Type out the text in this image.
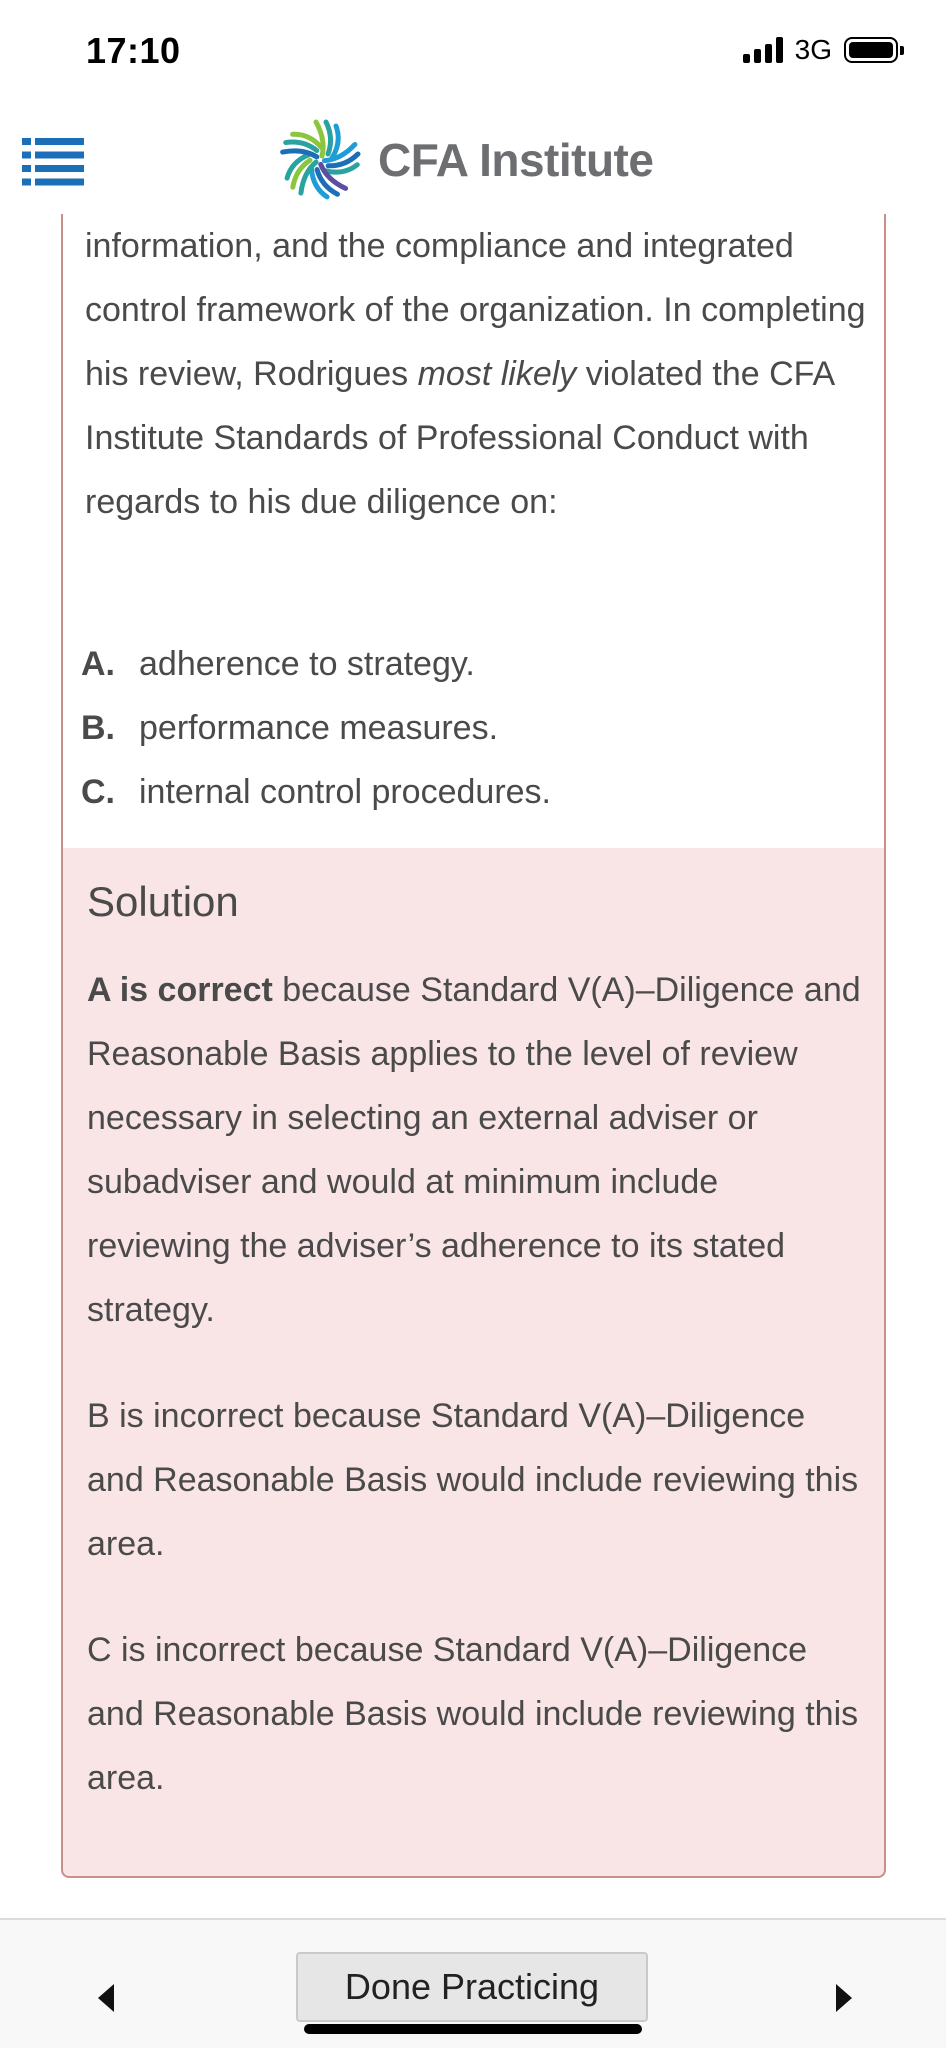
17:10	3G
CFA Institute
information, and the compliance and integrated control framework of the organization. In completing his review, Rodrigues most likely violated the CFA Institute Standards of Professional Conduct with regards to his due diligence on:
A. adherence to strategy.
B. performance measures.
C. internal control procedures.
Solution

A is correct because Standard V(A)–Diligence and Reasonable Basis applies to the level of review necessary in selecting an external adviser or subadviser and would at minimum include reviewing the adviser’s adherence to its stated strategy.

B is incorrect because Standard V(A)–Diligence and Reasonable Basis would include reviewing this area.

C is incorrect because Standard V(A)–Diligence and Reasonable Basis would include reviewing this area.

Done Practicing
